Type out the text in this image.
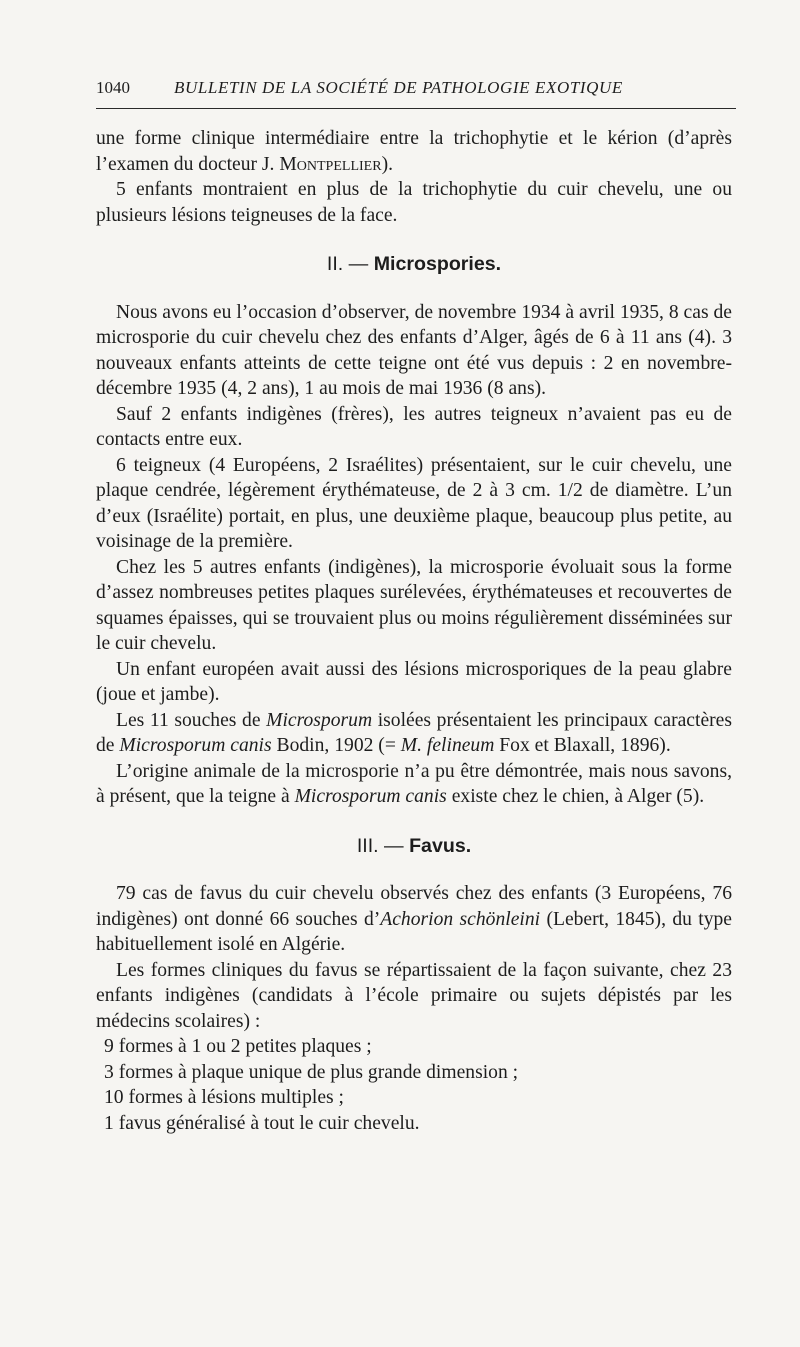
1040	BULLETIN DE LA SOCIÉTÉ DE PATHOLOGIE EXOTIQUE

une forme clinique intermédiaire entre la trichophytie et le kérion (d’après l’examen du docteur J. Montpellier).

5 enfants montraient en plus de la trichophytie du cuir chevelu, une ou plusieurs lésions teigneuses de la face.

II. — Microspories.

Nous avons eu l’occasion d’observer, de novembre 1934 à avril 1935, 8 cas de microsporie du cuir chevelu chez des enfants d’Alger, âgés de 6 à 11 ans (4). 3 nouveaux enfants atteints de cette teigne ont été vus depuis : 2 en novembre-décembre 1935 (4, 2 ans), 1 au mois de mai 1936 (8 ans).

Sauf 2 enfants indigènes (frères), les autres teigneux n’avaient pas eu de contacts entre eux.

6 teigneux (4 Européens, 2 Israélites) présentaient, sur le cuir chevelu, une plaque cendrée, légèrement érythémateuse, de 2 à 3 cm. 1/2 de diamètre. L’un d’eux (Israélite) portait, en plus, une deuxième plaque, beaucoup plus petite, au voisinage de la première.

Chez les 5 autres enfants (indigènes), la microsporie évoluait sous la forme d’assez nombreuses petites plaques surélevées, érythémateuses et recouvertes de squames épaisses, qui se trouvaient plus ou moins régulièrement disséminées sur le cuir chevelu.

Un enfant européen avait aussi des lésions microsporiques de la peau glabre (joue et jambe).

Les 11 souches de Microsporum isolées présentaient les principaux caractères de Microsporum canis Bodin, 1902 (= M. felineum Fox et Blaxall, 1896).

L’origine animale de la microsporie n’a pu être démontrée, mais nous savons, à présent, que la teigne à Microsporum canis existe chez le chien, à Alger (5).

III. — Favus.

79 cas de favus du cuir chevelu observés chez des enfants (3 Européens, 76 indigènes) ont donné 66 souches d’Achorion schönleini (Lebert, 1845), du type habituellement isolé en Algérie.

Les formes cliniques du favus se répartissaient de la façon suivante, chez 23 enfants indigènes (candidats à l’école primaire ou sujets dépistés par les médecins scolaires) :

9 formes à 1 ou 2 petites plaques ;

3 formes à plaque unique de plus grande dimension ;

10 formes à lésions multiples ;

1 favus généralisé à tout le cuir chevelu.
